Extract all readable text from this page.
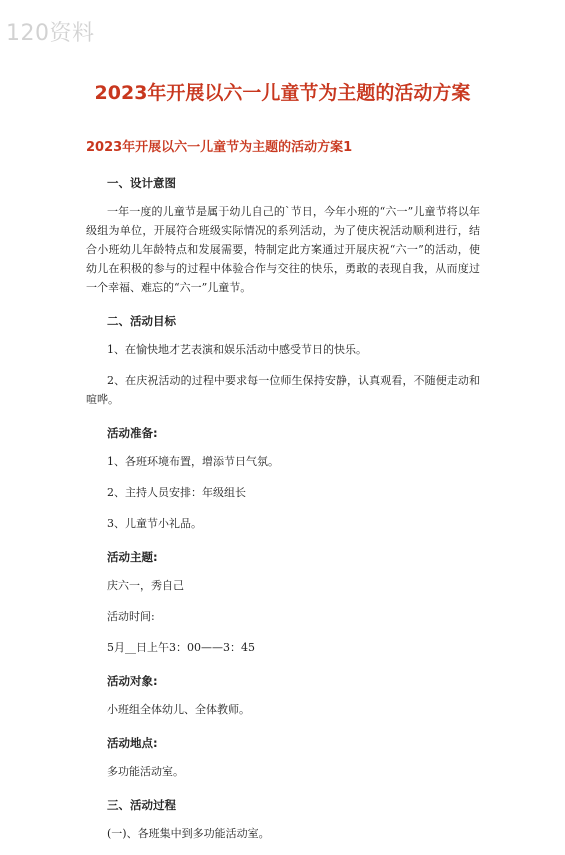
120资料
2023年开展以六一儿童节为主题的活动方案
2023年开展以六一儿童节为主题的活动方案1
一、设计意图

一年一度的儿童节是属于幼儿自己的`节日，今年小班的“六一”儿童节将以年级组为单位，开展符合班级实际情况的系列活动，为了使庆祝活动顺利进行，结合小班幼儿年龄特点和发展需要，特制定此方案通过开展庆祝“六一”的活动，使幼儿在积极的参与的过程中体验合作与交往的快乐，勇敢的表现自我，从而度过一个幸福、难忘的“六一”儿童节。

二、活动目标

1、在愉快地才艺表演和娱乐活动中感受节日的快乐。

2、在庆祝活动的过程中要求每一位师生保持安静，认真观看，不随便走动和喧哗。

活动准备:
1、各班环境布置，增添节日气氛。
2、主持人员安排：年级组长
3、儿童节小礼品。
活动主题:
庆六一，秀自己
活动时间:
5月__日上午3：00——3：45
活动对象:
小班组全体幼儿、全体教师。
活动地点:
多功能活动室。
三、活动过程
(一)、各班集中到多功能活动室。
